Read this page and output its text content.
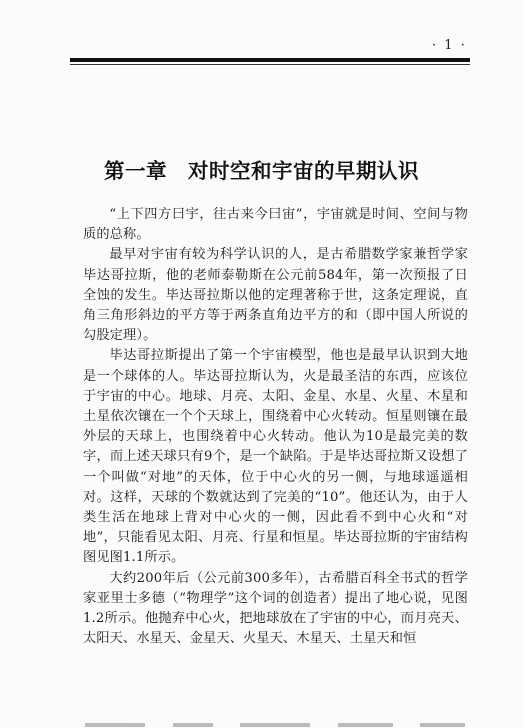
· 1 ·
第一章　对时空和宇宙的早期认识

“上下四方曰宇，往古来今曰宙”，宇宙就是时间、空间与物质的总称。

最早对宇宙有较为科学认识的人，是古希腊数学家兼哲学家毕达哥拉斯，他的老师泰勒斯在公元前584年，第一次预报了日全蚀的发生。毕达哥拉斯以他的定理著称于世，这条定理说，直角三角形斜边的平方等于两条直角边平方的和（即中国人所说的勾股定理）。

毕达哥拉斯提出了第一个宇宙模型，他也是最早认识到大地是一个球体的人。毕达哥拉斯认为，火是最圣洁的东西，应该位于宇宙的中心。地球、月亮、太阳、金星、水星、火星、木星和土星依次镶在一个个天球上，围绕着中心火转动。恒星则镶在最外层的天球上，也围绕着中心火转动。他认为10是最完美的数字，而上述天球只有9个，是一个缺陷。于是毕达哥拉斯又设想了一个叫做“对地”的天体，位于中心火的另一侧，与地球遥遥相对。这样，天球的个数就达到了完美的“10”。他还认为，由于人类生活在地球上背对中心火的一侧，因此看不到中心火和“对地”，只能看见太阳、月亮、行星和恒星。毕达哥拉斯的宇宙结构图见图1.1所示。

大约200年后（公元前300多年），古希腊百科全书式的哲学家亚里士多德（“物理学”这个词的创造者）提出了地心说，见图1.2所示。他抛弃中心火，把地球放在了宇宙的中心，而月亮天、太阳天、水星天、金星天、火星天、木星天、土星天和恒
